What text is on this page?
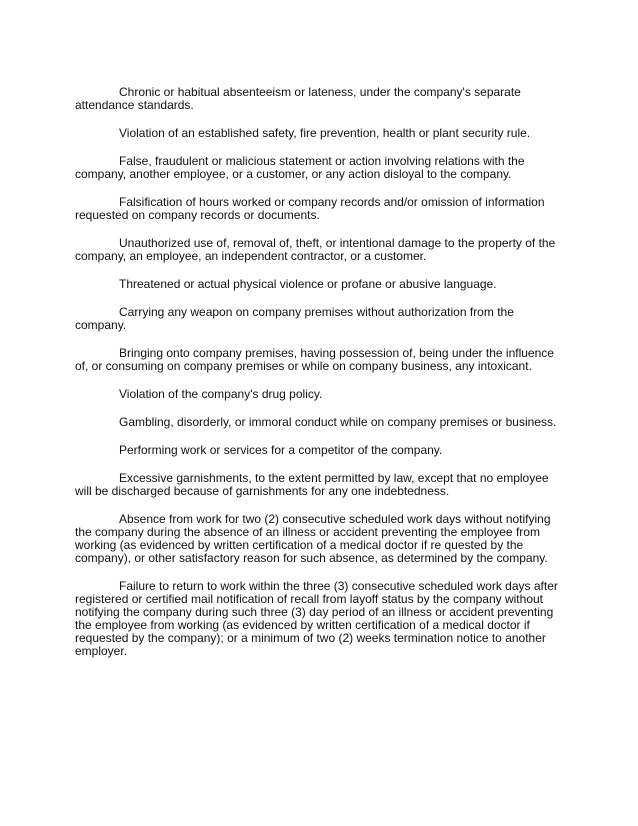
Chronic or habitual absenteeism or lateness, under the company's separate attendance standards.

Violation of an established safety, fire prevention, health or plant security rule.

False, fraudulent or malicious statement or action involving relations with the company, another employee, or a customer, or any action disloyal to the company.

Falsification of hours worked or company records and/or omission of information requested on company records or documents.

Unauthorized use of, removal of, theft, or intentional damage to the property of the company, an employee, an independent contractor, or a customer.

Threatened or actual physical violence or profane or abusive language.

Carrying any weapon on company premises without authorization from the company.

Bringing onto company premises, having possession of, being under the influence of, or consuming on company premises or while on company business, any intoxicant.

Violation of the company's drug policy.

Gambling, disorderly, or immoral conduct while on company premises or business.

Performing work or services for a competitor of the company.

Excessive garnishments, to the extent permitted by law, except that no employee will be discharged because of garnishments for any one indebtedness.

Absence from work for two (2) consecutive scheduled work days without notifying the company during the absence of an illness or accident preventing the employee from working (as evidenced by written certification of a medical doctor if re quested by the company), or other satisfactory reason for such absence, as determined by the company.

Failure to return to work within the three (3) consecutive scheduled work days after registered or certified mail notification of recall from layoff status by the company without notifying the company during such three (3) day period of an illness or accident preventing the employee from working (as evidenced by written certification of a medical doctor if requested by the company); or a minimum of two (2) weeks termination notice to another employer.
